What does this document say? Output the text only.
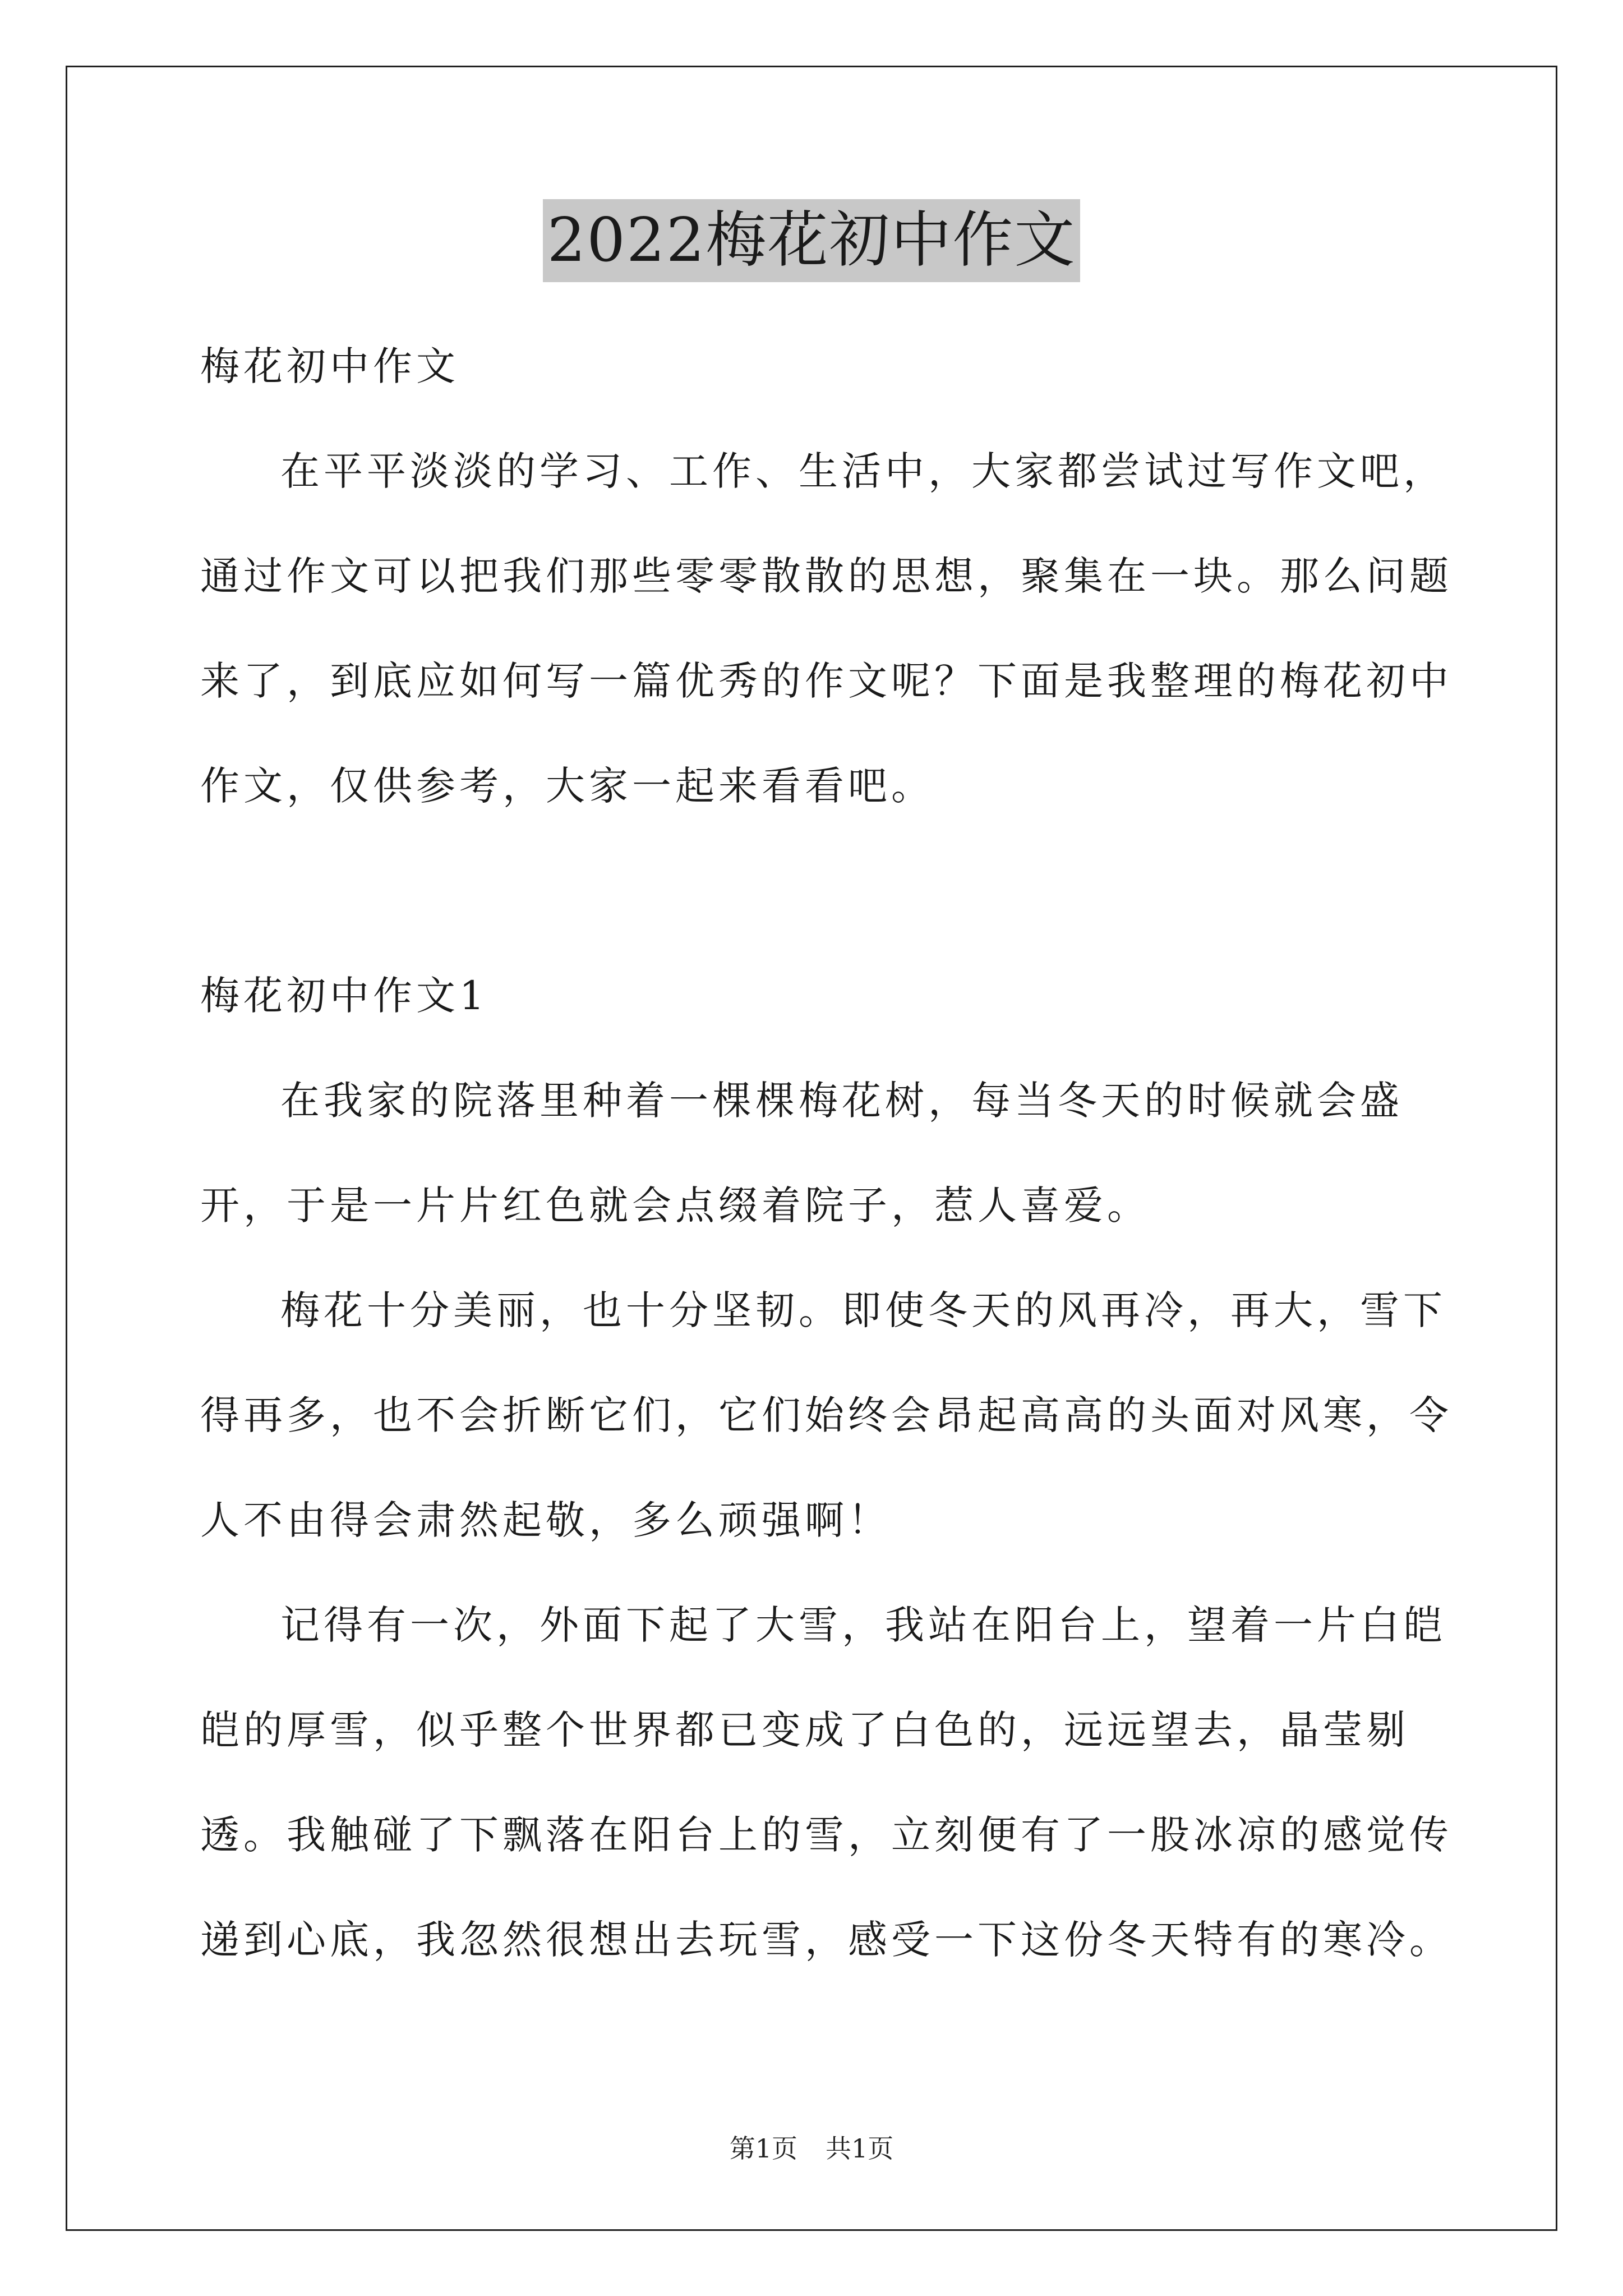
2022梅花初中作文

梅花初中作文

在平平淡淡的学习、工作、生活中，大家都尝试过写作文吧，通过作文可以把我们那些零零散散的思想，聚集在一块。那么问题来了，到底应如何写一篇优秀的作文呢？下面是我整理的梅花初中作文，仅供参考，大家一起来看看吧。

梅花初中作文1

在我家的院落里种着一棵棵梅花树，每当冬天的时候就会盛开，于是一片片红色就会点缀着院子，惹人喜爱。

梅花十分美丽，也十分坚韧。即使冬天的风再冷，再大，雪下得再多，也不会折断它们，它们始终会昂起高高的头面对风寒，令人不由得会肃然起敬，多么顽强啊！

记得有一次，外面下起了大雪，我站在阳台上，望着一片白皑皑的厚雪，似乎整个世界都已变成了白色的，远远望去，晶莹剔透。我触碰了下飘落在阳台上的雪，立刻便有了一股冰凉的感觉传递到心底，我忽然很想出去玩雪，感受一下这份冬天特有的寒冷。

第1页 共1页
